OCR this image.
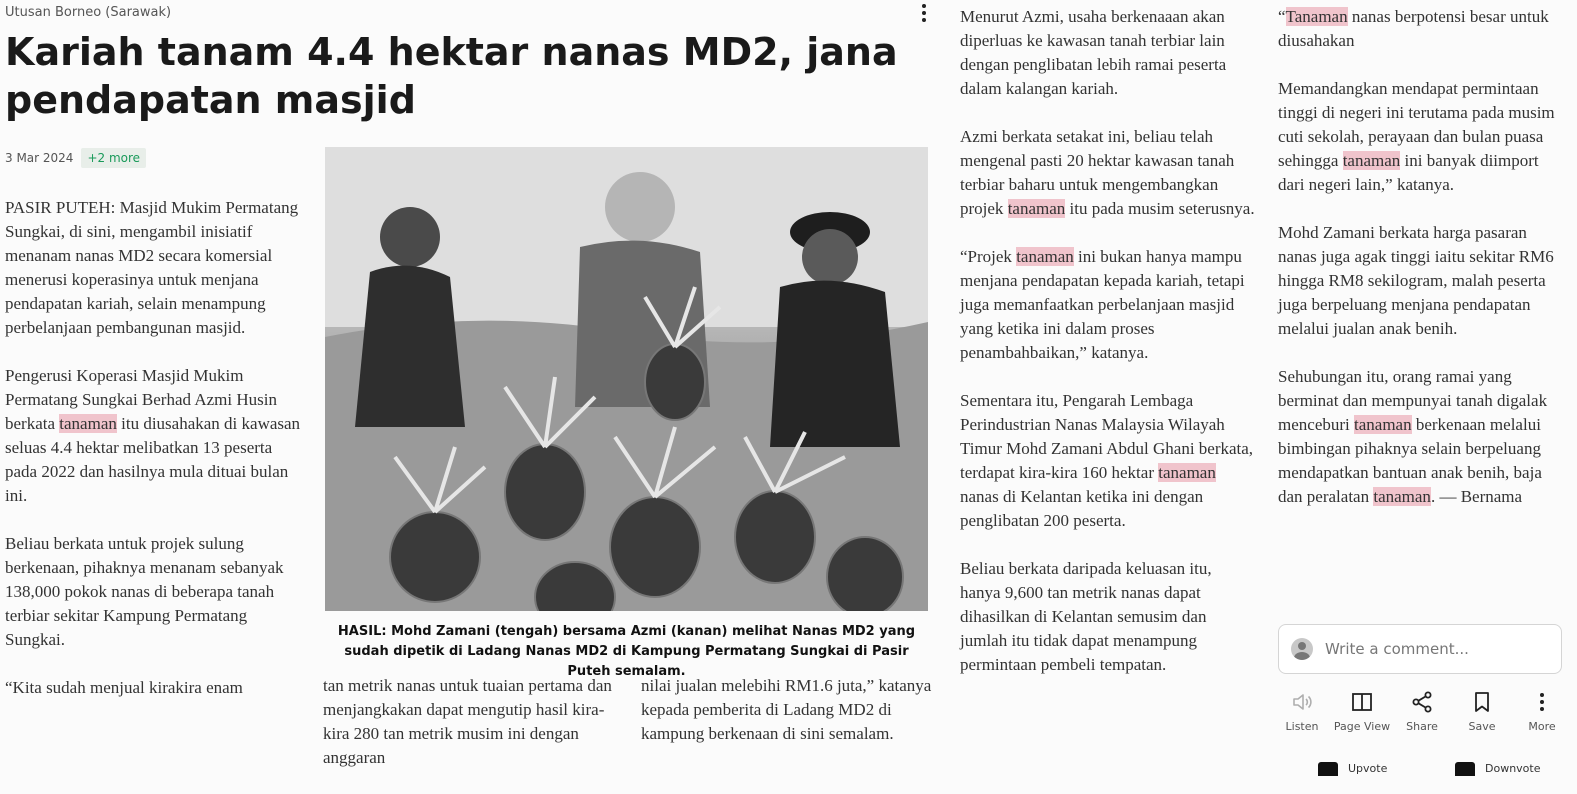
Utusan Borneo (Sarawak)
Kariah tanam 4.4 hektar nanas MD2, jana pendapatan masjid
3 Mar 2024	+2 more

PASIR PUTEH: Masjid Mukim Permatang Sungkai, di sini, mengambil inisiatif menanam nanas MD2 secara komersial menerusi koperasinya untuk menjana pendapatan kariah, selain menampung perbelanjaan pembangunan masjid.

Pengerusi Koperasi Masjid Mukim Permatang Sungkai Berhad Azmi Husin berkata tanaman itu diusahakan di kawasan seluas 4.4 hektar melibatkan 13 peserta pada 2022 dan hasilnya mula dituai bulan ini.

Beliau berkata untuk projek sulung berkenaan, pihaknya menanam sebanyak 138,000 pokok nanas di beberapa tanah terbiar sekitar Kampung Permatang Sungkai.

“Kita sudah menjual kirakira enam

HASIL: Mohd Zamani (tengah) bersama Azmi (kanan) melihat Nanas MD2 yang sudah dipetik di Ladang Nanas MD2 di Kampung Permatang Sungkai di Pasir Puteh semalam.

tan metrik nanas untuk tuaian pertama dan menjangkakan dapat mengutip hasil kira-kira 280 tan metrik musim ini dengan anggaran

nilai jualan melebihi RM1.6 juta,” katanya kepada pemberita di Ladang MD2 di kampung berkenaan di sini semalam.

Menurut Azmi, usaha berkenaaan akan diperluas ke kawasan tanah terbiar lain dengan penglibatan lebih ramai peserta dalam kalangan kariah.

Azmi berkata setakat ini, beliau telah mengenal pasti 20 hektar kawasan tanah terbiar baharu untuk mengembangkan projek tanaman itu pada musim seterusnya.

“Projek tanaman ini bukan hanya mampu menjana pendapatan kepada kariah, tetapi juga memanfaatkan perbelanjaan masjid yang ketika ini dalam proses penambahbaikan,” katanya.

Sementara itu, Pengarah Lembaga Perindustrian Nanas Malaysia Wilayah Timur Mohd Zamani Abdul Ghani berkata, terdapat kira-kira 160 hektar tanaman nanas di Kelantan ketika ini dengan penglibatan 200 peserta.

Beliau berkata daripada keluasan itu, hanya 9,600 tan metrik nanas dapat dihasilkan di Kelantan semusim dan jumlah itu tidak dapat menampung permintaan pembeli tempatan.

“Tanaman nanas berpotensi besar untuk diusahakan

Memandangkan mendapat permintaan tinggi di negeri ini terutama pada musim cuti sekolah, perayaan dan bulan puasa sehingga tanaman ini banyak diimport dari negeri lain,” katanya.

Mohd Zamani berkata harga pasaran nanas juga agak tinggi iaitu sekitar RM6 hingga RM8 sekilogram, malah peserta juga berpeluang menjana pendapatan melalui jualan anak benih.

Sehubungan itu, orang ramai yang berminat dan mempunyai tanah digalak menceburi tanaman berkenaan melalui bimbingan pihaknya selain berpeluang mendapatkan bantuan anak benih, baja dan peralatan tanaman. — Bernama

Write a comment...
Listen Page View Share	Save	More
Upvote	Downvote
